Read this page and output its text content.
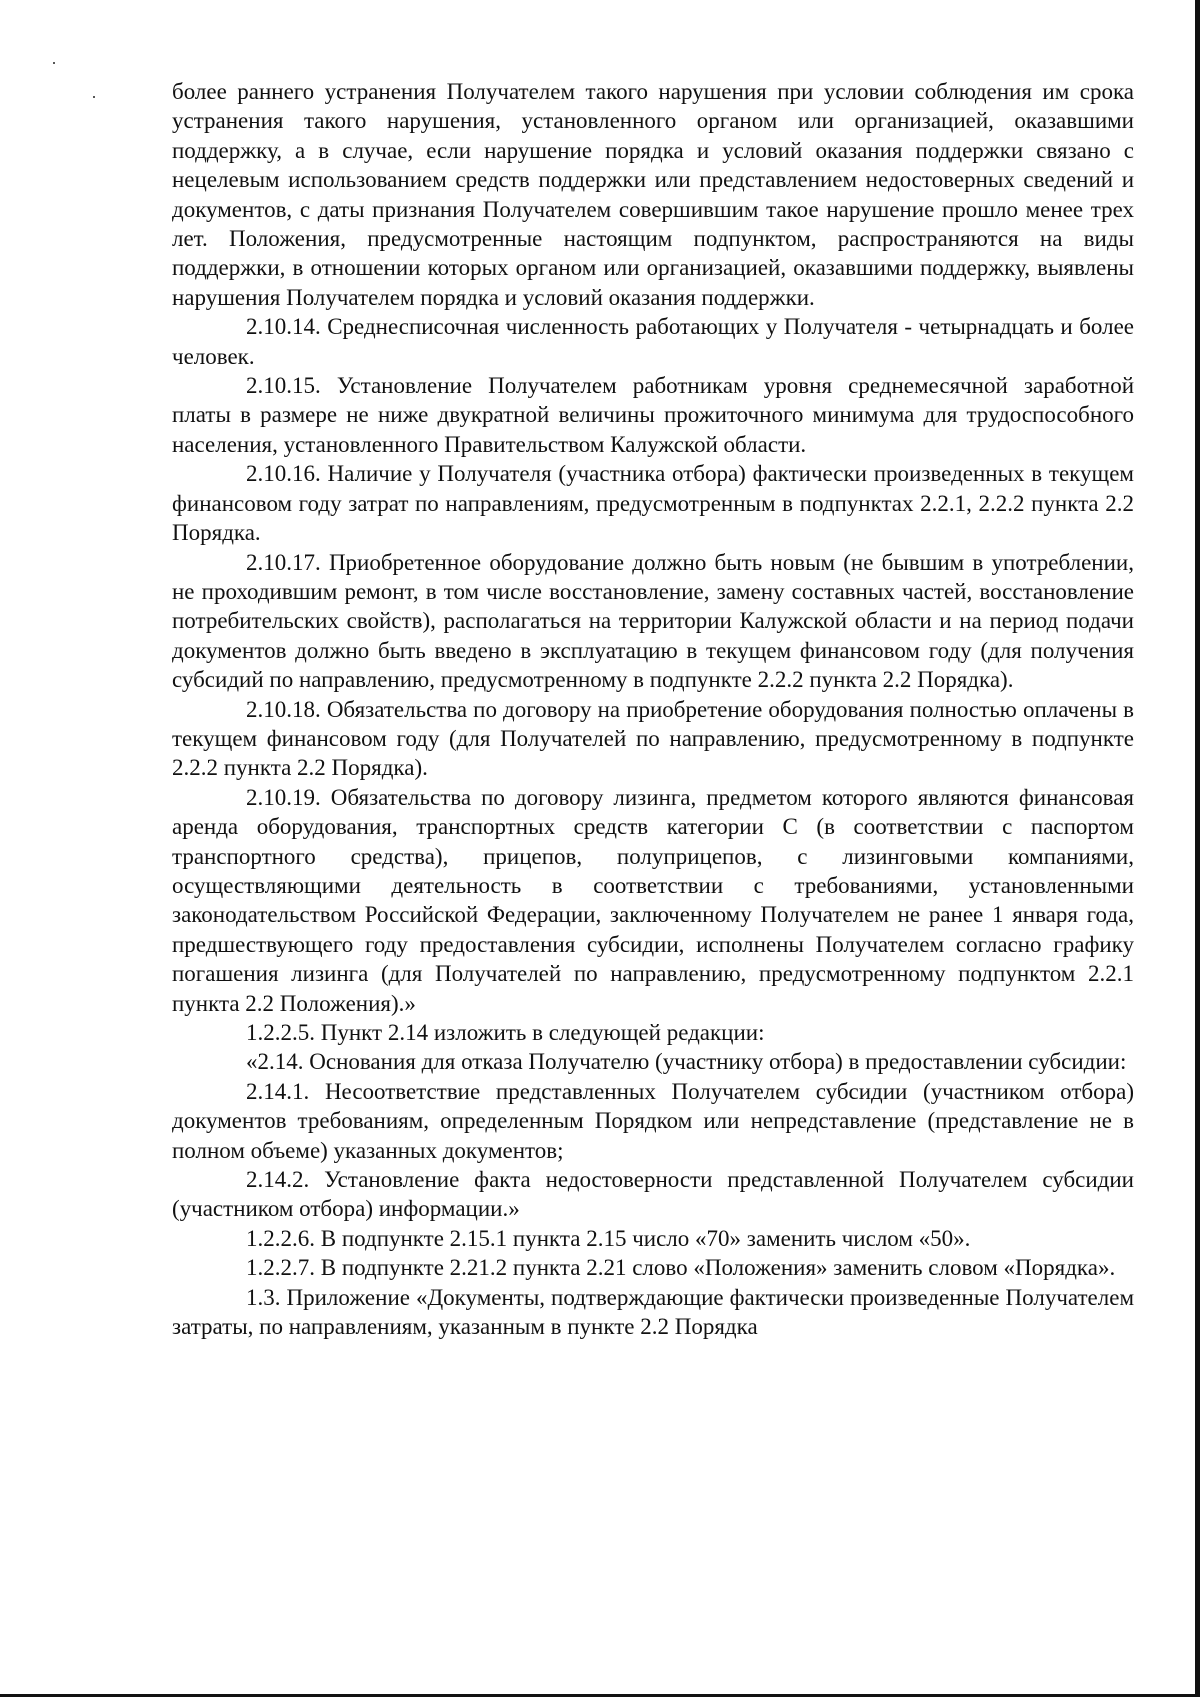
более раннего устранения Получателем такого нарушения при условии соблюдения им срока устранения такого нарушения, установленного органом или организацией, оказавшими поддержку, а в случае, если нарушение порядка и условий оказания поддержки связано с нецелевым использованием средств поддержки или представлением недостоверных сведений и документов, с даты признания Получателем совершившим такое нарушение прошло менее трех лет. Положения, предусмотренные настоящим подпунктом, распространяются на виды поддержки, в отношении которых органом или организацией, оказавшими поддержку, выявлены нарушения Получателем порядка и условий оказания поддержки.

2.10.14. Среднесписочная численность работающих у Получателя - четырнадцать и более человек.

2.10.15. Установление Получателем работникам уровня среднемесячной заработной платы в размере не ниже двукратной величины прожиточного минимума для трудоспособного населения, установленного Правительством Калужской области.

2.10.16. Наличие у Получателя (участника отбора) фактически произведенных в текущем финансовом году затрат по направлениям, предусмотренным в подпунктах 2.2.1, 2.2.2 пункта 2.2 Порядка.

2.10.17. Приобретенное оборудование должно быть новым (не бывшим в употреблении, не проходившим ремонт, в том числе восстановление, замену составных частей, восстановление потребительских свойств), располагаться на территории Калужской области и на период подачи документов должно быть введено в эксплуатацию в текущем финансовом году (для получения субсидий по направлению, предусмотренному в подпункте 2.2.2 пункта 2.2 Порядка).

2.10.18. Обязательства по договору на приобретение оборудования полностью оплачены в текущем финансовом году (для Получателей по направлению, предусмотренному в подпункте 2.2.2 пункта 2.2 Порядка).

2.10.19. Обязательства по договору лизинга, предметом которого являются финансовая аренда оборудования, транспортных средств категории С (в соответствии с паспортом транспортного средства), прицепов, полуприцепов, с лизинговыми компаниями, осуществляющими деятельность в соответствии с требованиями, установленными законодательством Российской Федерации, заключенному Получателем не ранее 1 января года, предшествующего году предоставления субсидии, исполнены Получателем согласно графику погашения лизинга (для Получателей по направлению, предусмотренному подпунктом 2.2.1 пункта 2.2 Положения).»

1.2.2.5. Пункт 2.14 изложить в следующей редакции:

«2.14. Основания для отказа Получателю (участнику отбора) в предоставлении субсидии:

2.14.1. Несоответствие представленных Получателем субсидии (участником отбора) документов требованиям, определенным Порядком или непредставление (представление не в полном объеме) указанных документов;

2.14.2. Установление факта недостоверности представленной Получателем субсидии (участником отбора) информации.»

1.2.2.6. В подпункте 2.15.1 пункта 2.15 число «70» заменить числом «50».

1.2.2.7. В подпункте 2.21.2 пункта 2.21 слово «Положения» заменить словом «Порядка».

1.3. Приложение «Документы, подтверждающие фактически произведенные Получателем затраты, по направлениям, указанным в пункте 2.2 Порядка
